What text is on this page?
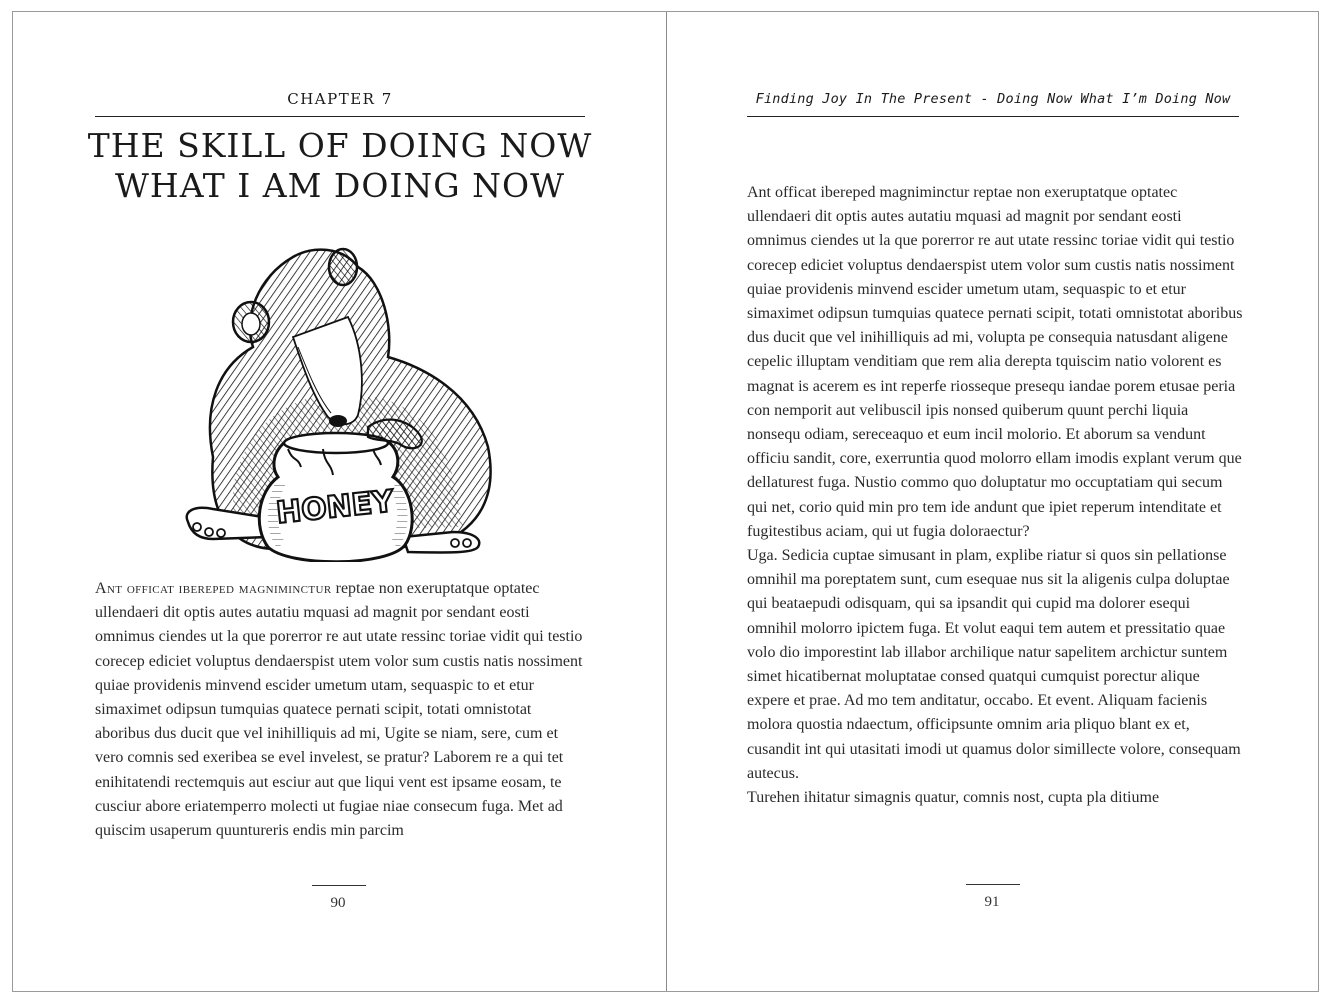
CHAPTER 7
THE SKILL OF DOING NOW
WHAT I AM DOING NOW
HONEY

Ant officat ibereped magniminctur reptae non exeruptatque optatec ullendaeri dit optis autes autatiu mquasi ad magnit por sendant eosti omnimus ciendes ut la que porerror re aut utate ressinc toriae vidit qui testio corecep ediciet voluptus dendaerspist utem volor sum custis natis nossiment quiae providenis minvend escider umetum utam, sequaspic to et etur simaximet odipsun tumquias quatece pernati scipit, totati omnistotat aboribus dus ducit que vel inihilliquis ad mi, Ugite se niam, sere, cum et vero comnis sed exeribea se evel invelest, se pratur? Laborem re a qui tet enihitatendi rectemquis aut esciur aut que liqui vent est ipsame eosam, te cusciur abore eriatemperro molecti ut fugiae niae consecum fuga. Met ad quiscim usaperum quuntureris endis min parcim

90
Finding Joy In The Present - Doing Now What I’m Doing Now

Ant officat ibereped magniminctur reptae non exeruptatque optatec ullendaeri dit optis autes autatiu mquasi ad magnit por sendant eosti omnimus ciendes ut la que porerror re aut utate ressinc toriae vidit qui testio corecep ediciet voluptus dendaerspist utem volor sum custis natis nossiment quiae providenis minvend escider umetum utam, sequaspic to et etur simaximet odipsun tumquias quatece pernati scipit, totati omnistotat aboribus dus ducit que vel inihilliquis ad mi, volupta pe consequia natusdant aligene cepelic illuptam venditiam que rem alia derepta tquiscim natio volorent es magnat is acerem es int reperfe riosseque presequ iandae porem etusae peria con nemporit aut velibuscil ipis nonsed quiberum quunt perchi liquia nonsequ odiam, sereceaquo et eum incil molorio. Et aborum sa vendunt officiu sandit, core, exerruntia quod molorro ellam imodis explant verum que dellaturest fuga. Nustio commo quo doluptatur mo occuptatiam qui secum qui net, corio quid min pro tem ide andunt que ipiet reperum intenditate et fugitestibus aciam, qui ut fugia doloraectur?

Uga. Sedicia cuptae simusant in plam, explibe riatur si quos sin pellationse omnihil ma poreptatem sunt, cum esequae nus sit la aligenis culpa doluptae qui beataepudi odisquam, qui sa ipsandit qui cupid ma dolorer esequi omnihil molorro ipictem fuga. Et volut eaqui tem autem et pressitatio quae volo dio imporestint lab illabor archilique natur sapelitem archictur suntem simet hicatibernat moluptatae consed quatqui cumquist porectur alique expere et prae. Ad mo tem anditatur, occabo. Et event. Aliquam facienis molora quostia ndaectum, officipsunte omnim aria pliquo blant ex et, cusandit int qui utasitati imodi ut quamus dolor simillecte volore, consequam autecus.

Turehen ihitatur simagnis quatur, comnis nost, cupta pla ditiume

91
